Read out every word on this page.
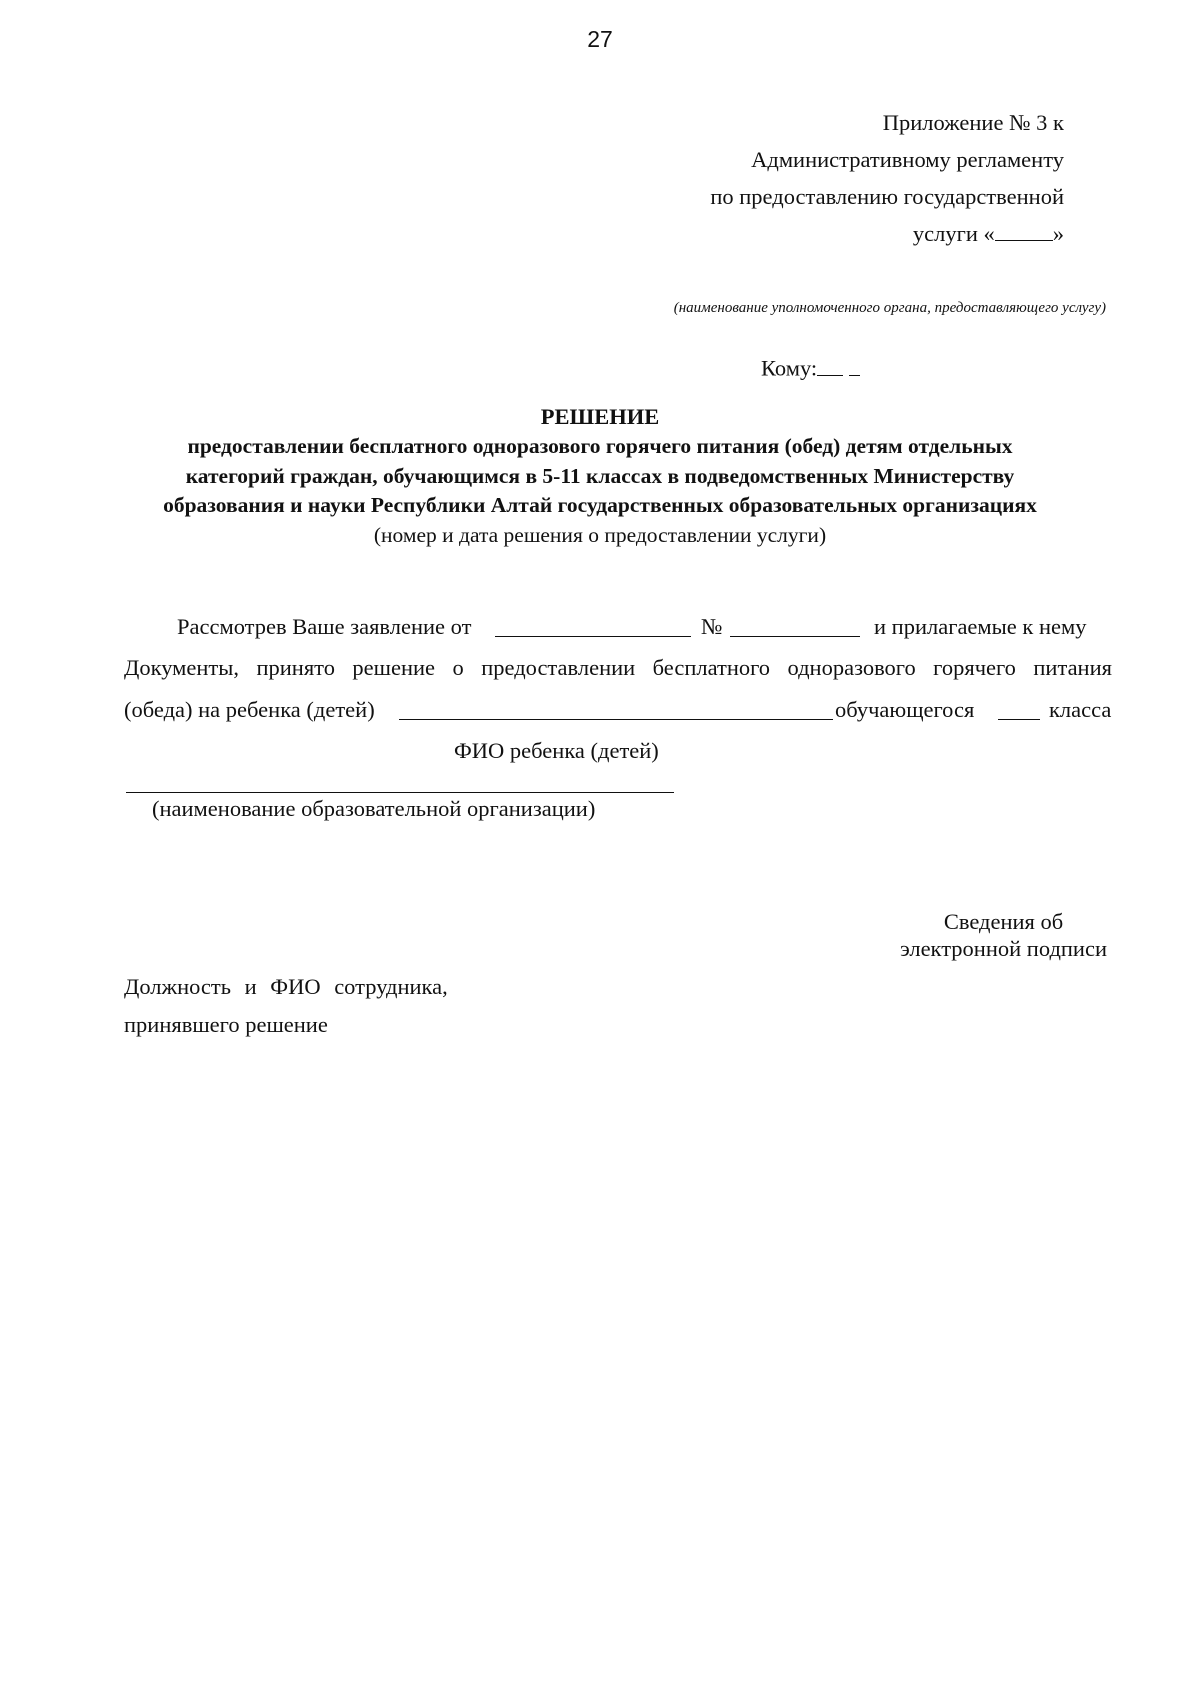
27
Приложение № 3 к
Административному регламенту
по предоставлению государственной
услуги «	»
(наименование уполномоченного органа, предоставляющего услугу)
Кому:
РЕШЕНИЕ
предоставлении бесплатного одноразового горячего питания (обед) детям отдельных
категорий граждан, обучающимся в 5-11 классах в подведомственных Министерству
образования и науки Республики Алтай государственных образовательных организациях
(номер и дата решения о предоставлении услуги)
Рассмотрев Ваше заявление от	№	и прилагаемые к нему
Документы, принято решение о предоставлении бесплатного одноразового горячего питания
(обеда) на ребенка (детей)	обучающегося	класса
ФИО ребенка (детей)
(наименование образовательной организации)
Сведения об
электронной подписи
Должность и ФИО сотрудника,
принявшего решение
